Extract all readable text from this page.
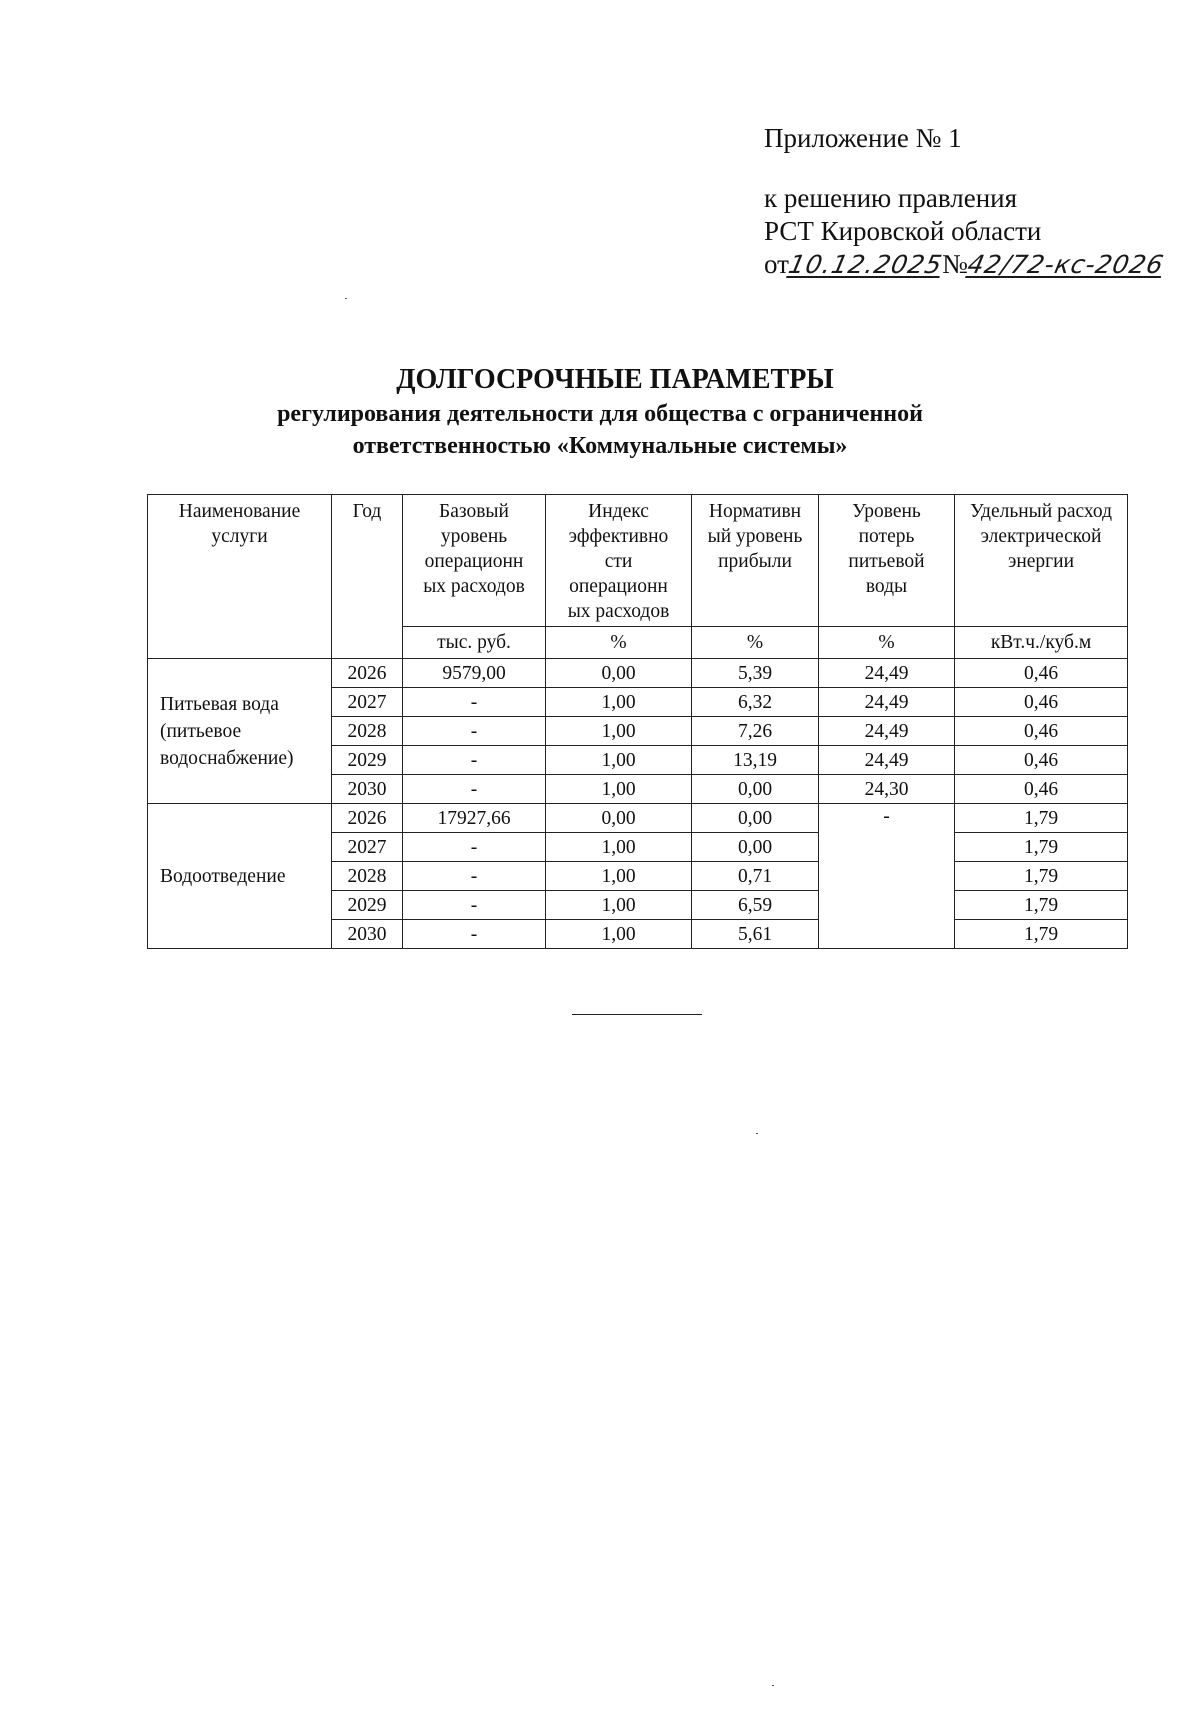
Приложение № 1
к решению правления
РСТ Кировской области
от10.12.2025№42/72-кс-2026
ДОЛГОСРОЧНЫЕ ПАРАМЕТРЫ
регулирования деятельности для общества с ограниченной
ответственностью «Коммунальные системы»
Наименование услуги	Год	Базовый уровень операционн ых расходов	Индекс эффективно сти операционн ых расходов	Нормативн ый уровень прибыли	Уровень потерь питьевой воды	Удельный расход электрической энергии
		тыс. руб.	%	%	%	кВт.ч./куб.м
Питьевая вода (питьевое водоснабжение)	2026	9579,00	0,00	5,39	24,49	0,46
	2027	-	1,00	6,32	24,49	0,46
	2028	-	1,00	7,26	24,49	0,46
	2029	-	1,00	13,19	24,49	0,46
	2030	-	1,00	0,00	24,30	0,46
Водоотведение	2026	17927,66	0,00	0,00	-	1,79
	2027	-	1,00	0,00		1,79
	2028	-	1,00	0,71		1,79
	2029	-	1,00	6,59		1,79
	2030	-	1,00	5,61		1,79
